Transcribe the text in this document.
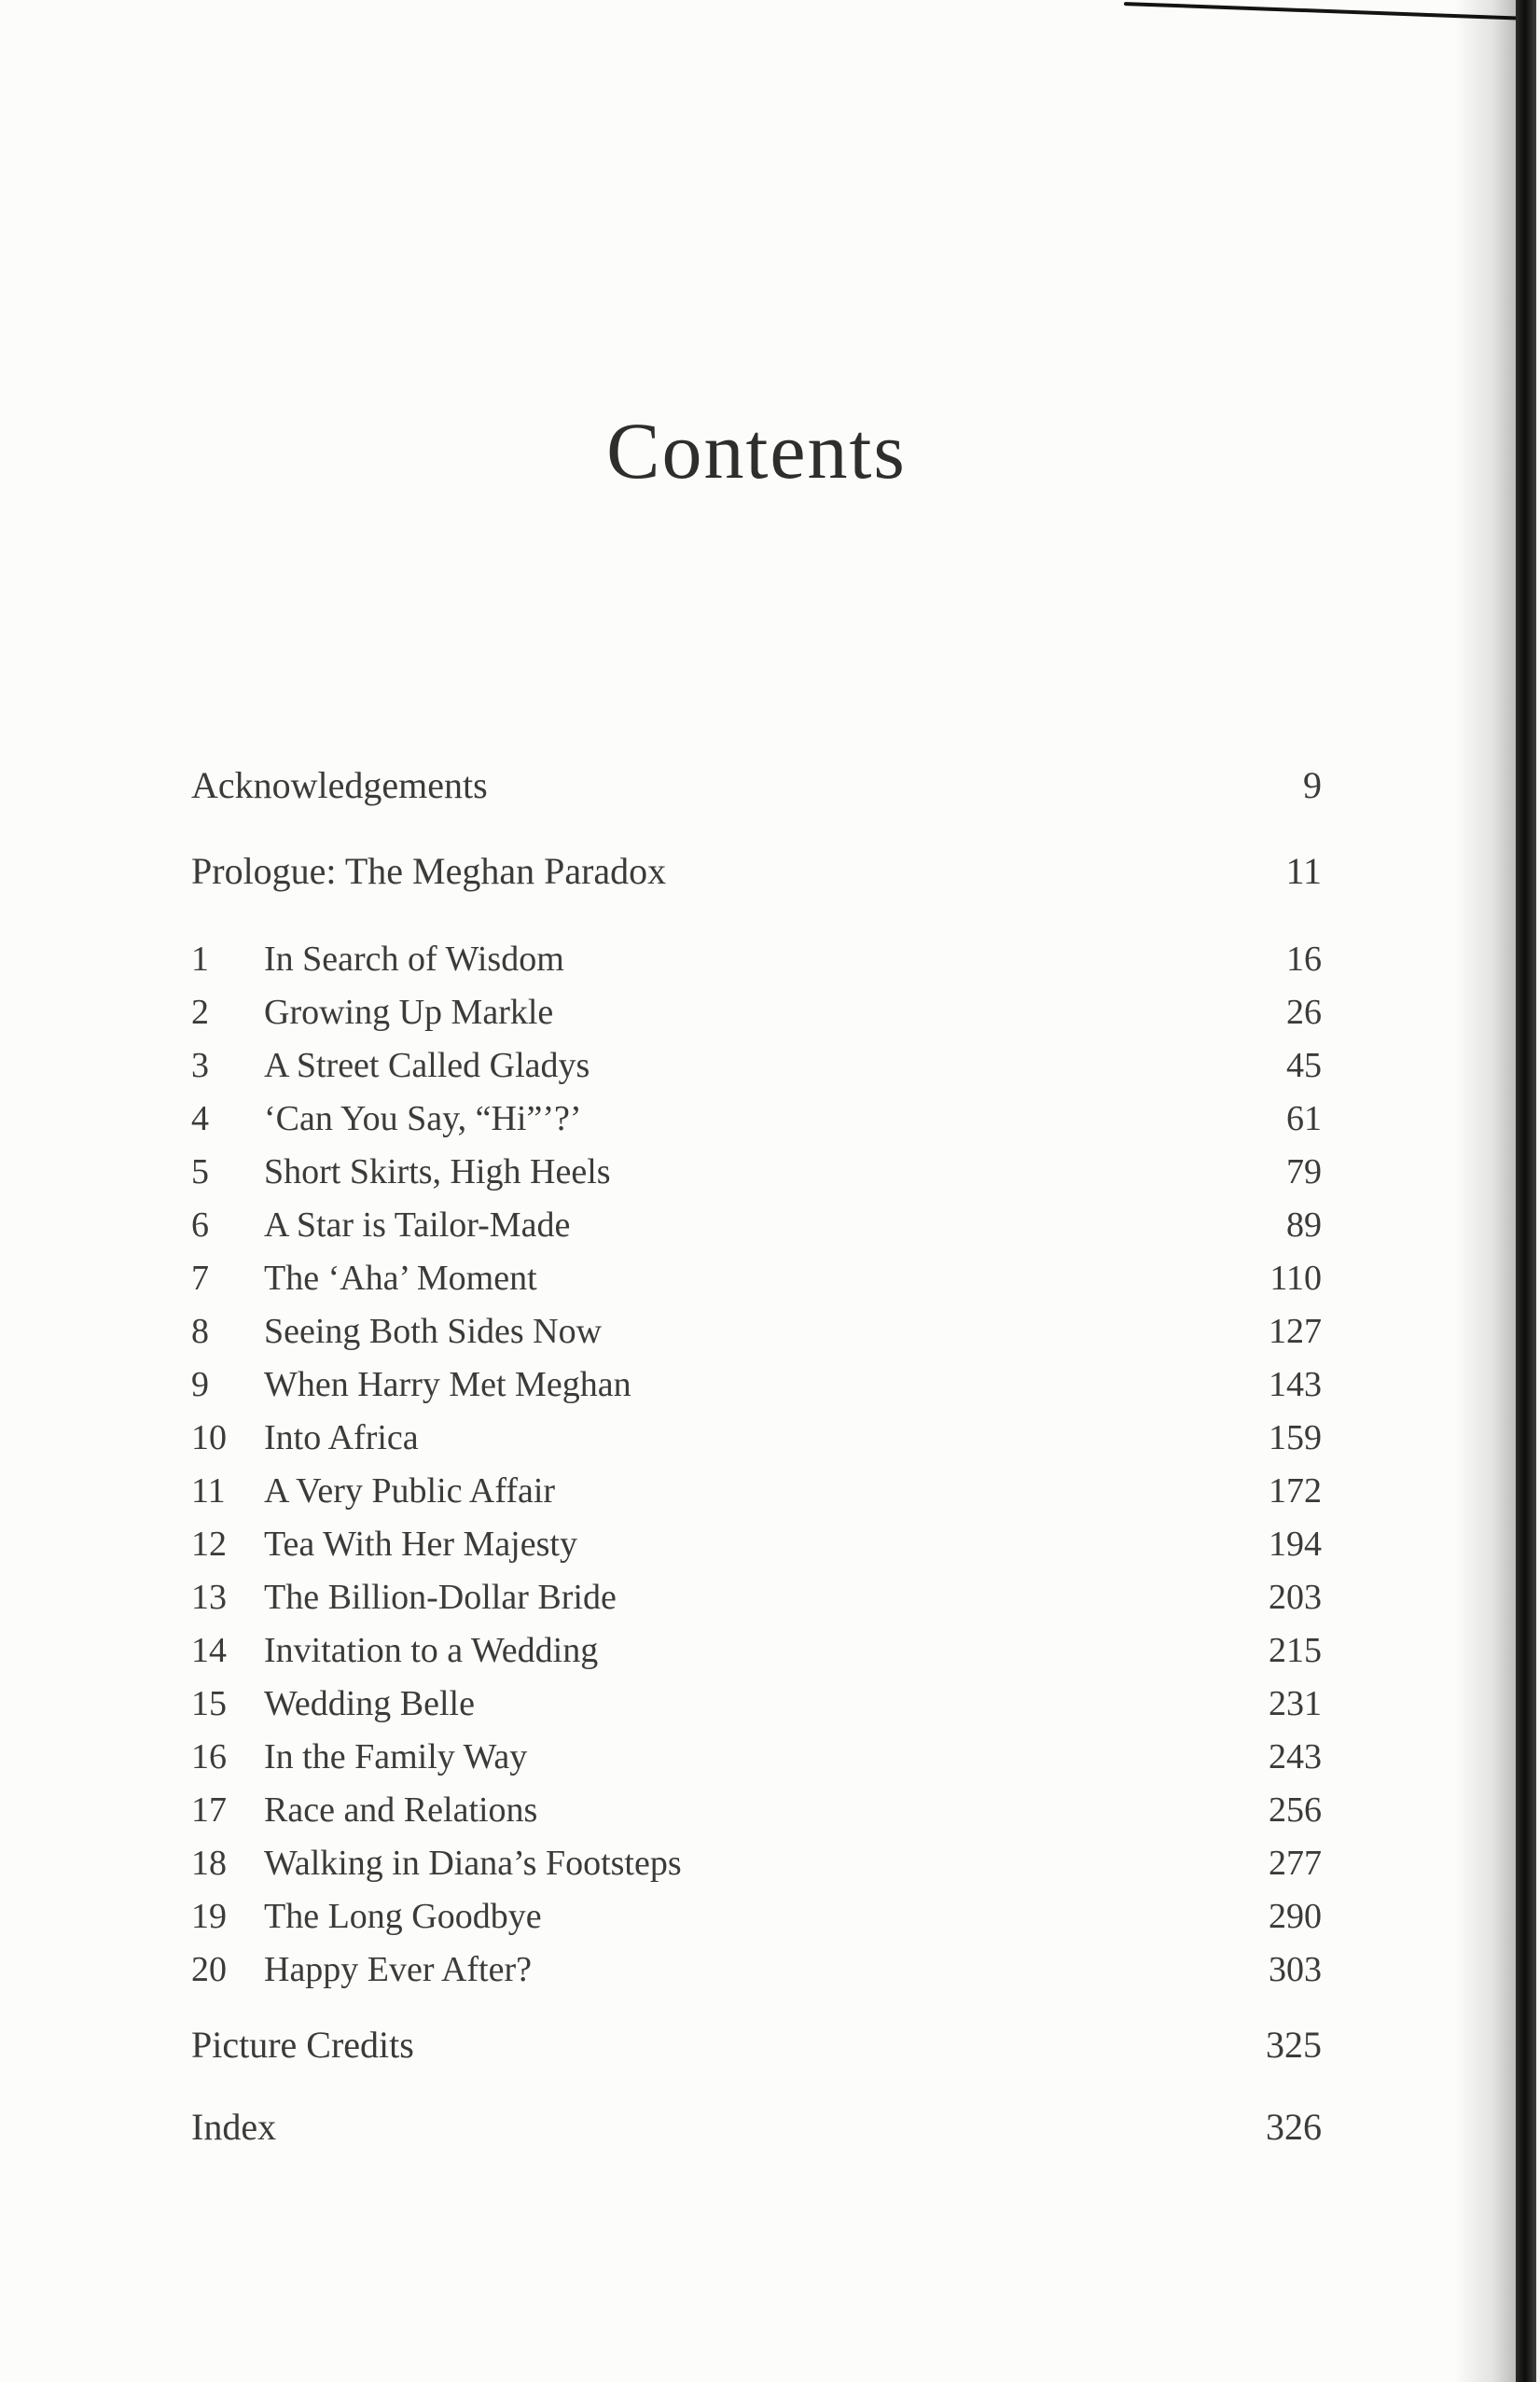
Contents
Acknowledgements	9
Prologue: The Meghan Paradox	11
1	In Search of Wisdom	16
2	Growing Up Markle	26
3	A Street Called Gladys	45
4	‘Can You Say, “Hi”’?’	61
5	Short Skirts, High Heels	79
6	A Star is Tailor-Made	89
7	The ‘Aha’ Moment	110
8	Seeing Both Sides Now	127
9	When Harry Met Meghan	143
10	Into Africa	159
11	A Very Public Affair	172
12	Tea With Her Majesty	194
13	The Billion-Dollar Bride	203
14	Invitation to a Wedding	215
15	Wedding Belle	231
16	In the Family Way	243
17	Race and Relations	256
18	Walking in Diana’s Footsteps	277
19	The Long Goodbye	290
20	Happy Ever After?	303
Picture Credits	325
Index	326
